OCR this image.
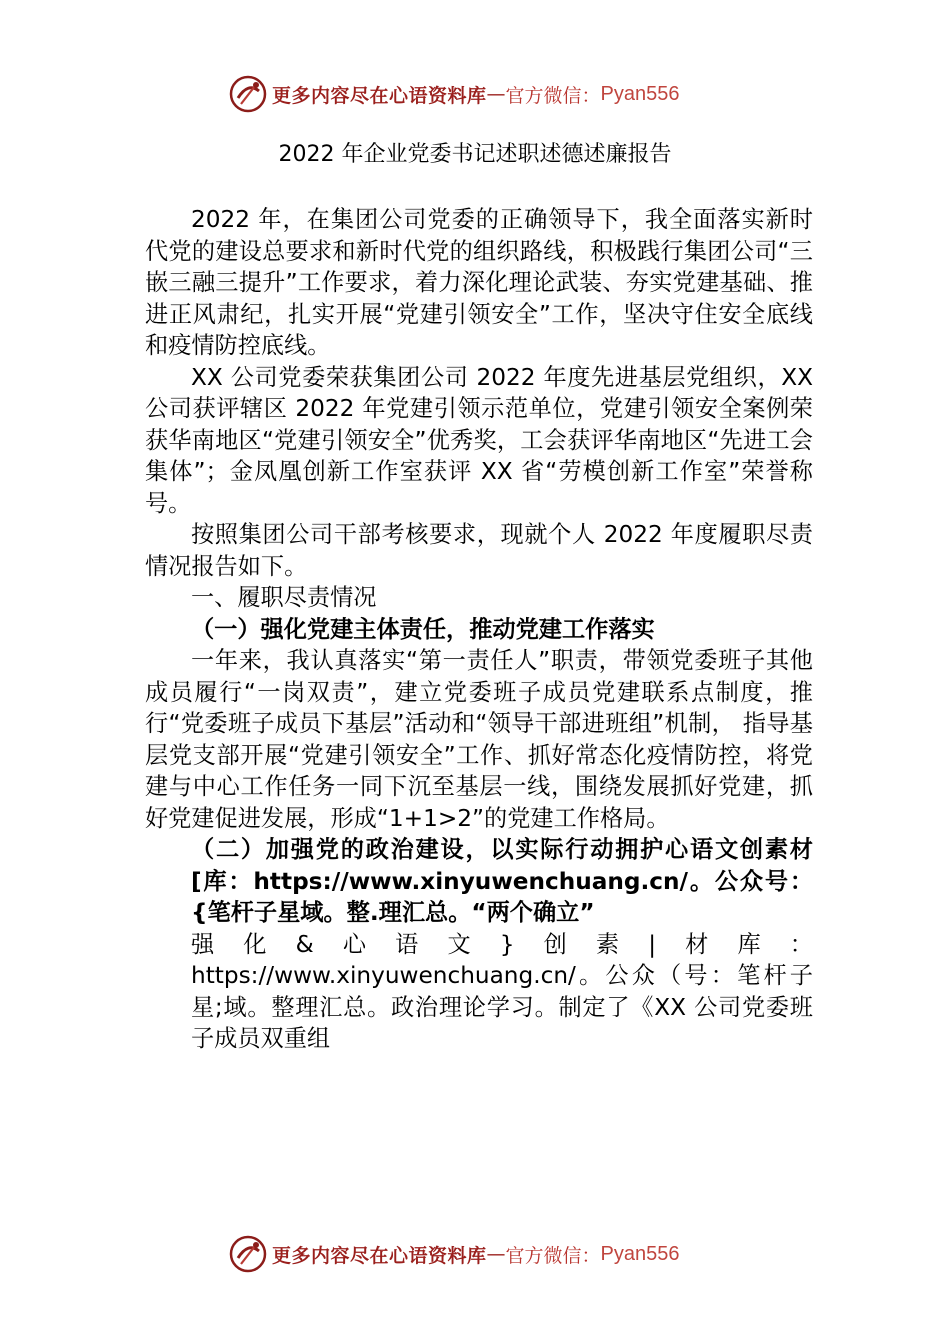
更多内容尽在心语资料库 — 官方微信： Pyan556
2022 年企业党委书记述职述德述廉报告

2022 年，在集团公司党委的正确领导下，我全面落实新时代党的建设总要求和新时代党的组织路线，积极践行集团公司“三嵌三融三提升”工作要求，着力深化理论武装、夯实党建基础、推进正风肃纪，扎实开展“党建引领安全”工作，坚决守住安全底线和疫情防控底线。

XX 公司党委荣获集团公司 2022 年度先进基层党组织，XX 公司获评辖区 2022 年党建引领示范单位，党建引领安全案例荣获华南地区“党建引领安全”优秀奖，工会获评华南地区“先进工会集体”；金凤凰创新工作室获评 XX 省“劳模创新工作室”荣誉称号。

按照集团公司干部考核要求，现就个人 2022 年度履职尽责情况报告如下。

一、履职尽责情况

（一）强化党建主体责任，推动党建工作落实

一年来，我认真落实“第一责任人”职责，带领党委班子其他成员履行“一岗双责”，建立党委班子成员党建联系点制度，推行“党委班子成员下基层”活动和“领导干部进班组”机制， 指导基层党支部开展“党建引领安全”工作、抓好常态化疫情防控，将党建与中心工作任务一同下沉至基层一线，围绕发展抓好党建，抓好党建促进发展，形成“1+1>2”的党建工作格局。

（二）加强党的政治建设，以实际行动拥护心语文创素材[库：https://www.xinyuwenchuang.cn/。公众号：{笔杆子星域。整.理汇总。“两个确立”

强化&心语文}创素|材库：https://www.xinyuwenchuang.cn/。公众（号：笔杆子星;域。整理汇总。政治理论学习。制定了《XX 公司党委班子成员双重组

更多内容尽在心语资料库 — 官方微信： Pyan556
